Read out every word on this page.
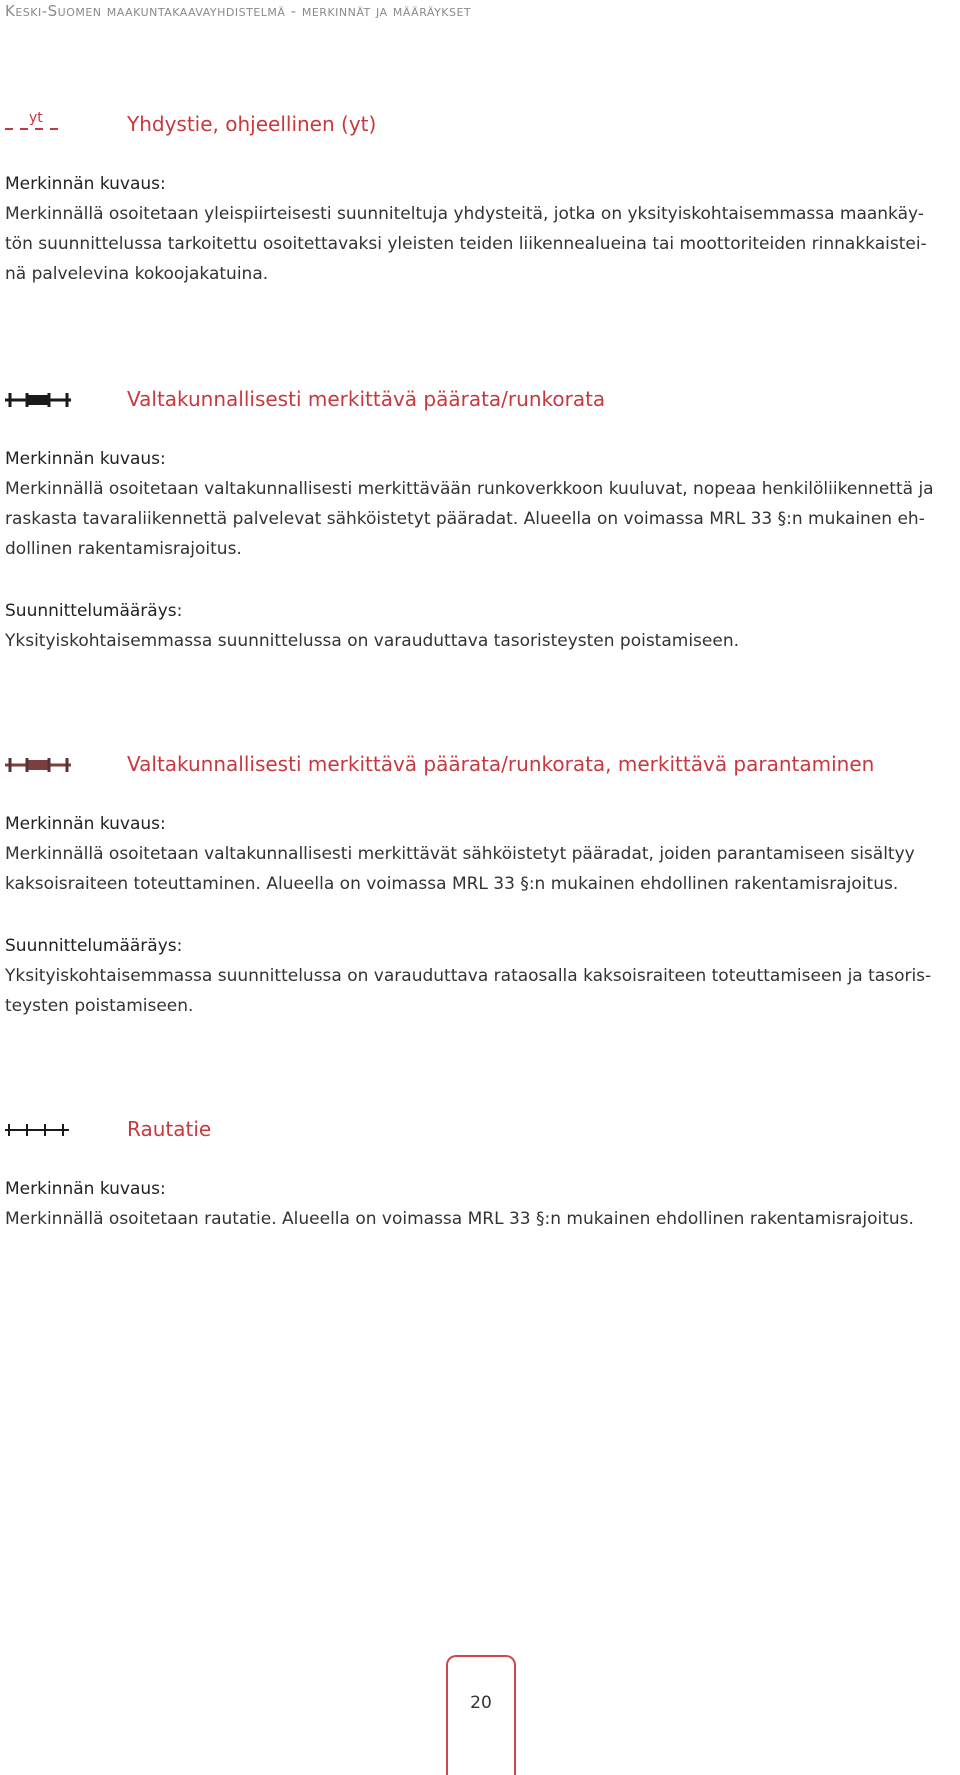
Keski-Suomen maakuntakaavayhdistelmä - merkinnät ja määräykset
yt	Yhdystie, ohjeellinen (yt)
Merkinnän kuvaus:
Merkinnällä osoitetaan yleispiirteisesti suunniteltuja yhdysteitä, jotka on yksityiskohtaisemmassa maankäy-
tön suunnittelussa tarkoitettu osoitettavaksi yleisten teiden liikennealueina tai moottoriteiden rinnakkaistei-
nä palvelevina kokoojakatuina.
Valtakunnallisesti merkittävä päärata/runkorata
Merkinnän kuvaus:
Merkinnällä osoitetaan valtakunnallisesti merkittävään runkoverkkoon kuuluvat, nopeaa henkilöliikennettä ja
raskasta tavaraliikennettä palvelevat sähköistetyt pääradat. Alueella on voimassa MRL 33 §:n mukainen eh-
dollinen rakentamisrajoitus.
Suunnittelumääräys:
Yksityiskohtaisemmassa suunnittelussa on varauduttava tasoristeysten poistamiseen.
Valtakunnallisesti merkittävä päärata/runkorata, merkittävä parantaminen
Merkinnän kuvaus:
Merkinnällä osoitetaan valtakunnallisesti merkittävät sähköistetyt pääradat, joiden parantamiseen sisältyy
kaksoisraiteen toteuttaminen. Alueella on voimassa MRL 33 §:n mukainen ehdollinen rakentamisrajoitus.
Suunnittelumääräys:
Yksityiskohtaisemmassa suunnittelussa on varauduttava rataosalla kaksoisraiteen toteuttamiseen ja tasoris-
teysten poistamiseen.
Rautatie
Merkinnän kuvaus:
Merkinnällä osoitetaan rautatie. Alueella on voimassa MRL 33 §:n mukainen ehdollinen rakentamisrajoitus.
20
